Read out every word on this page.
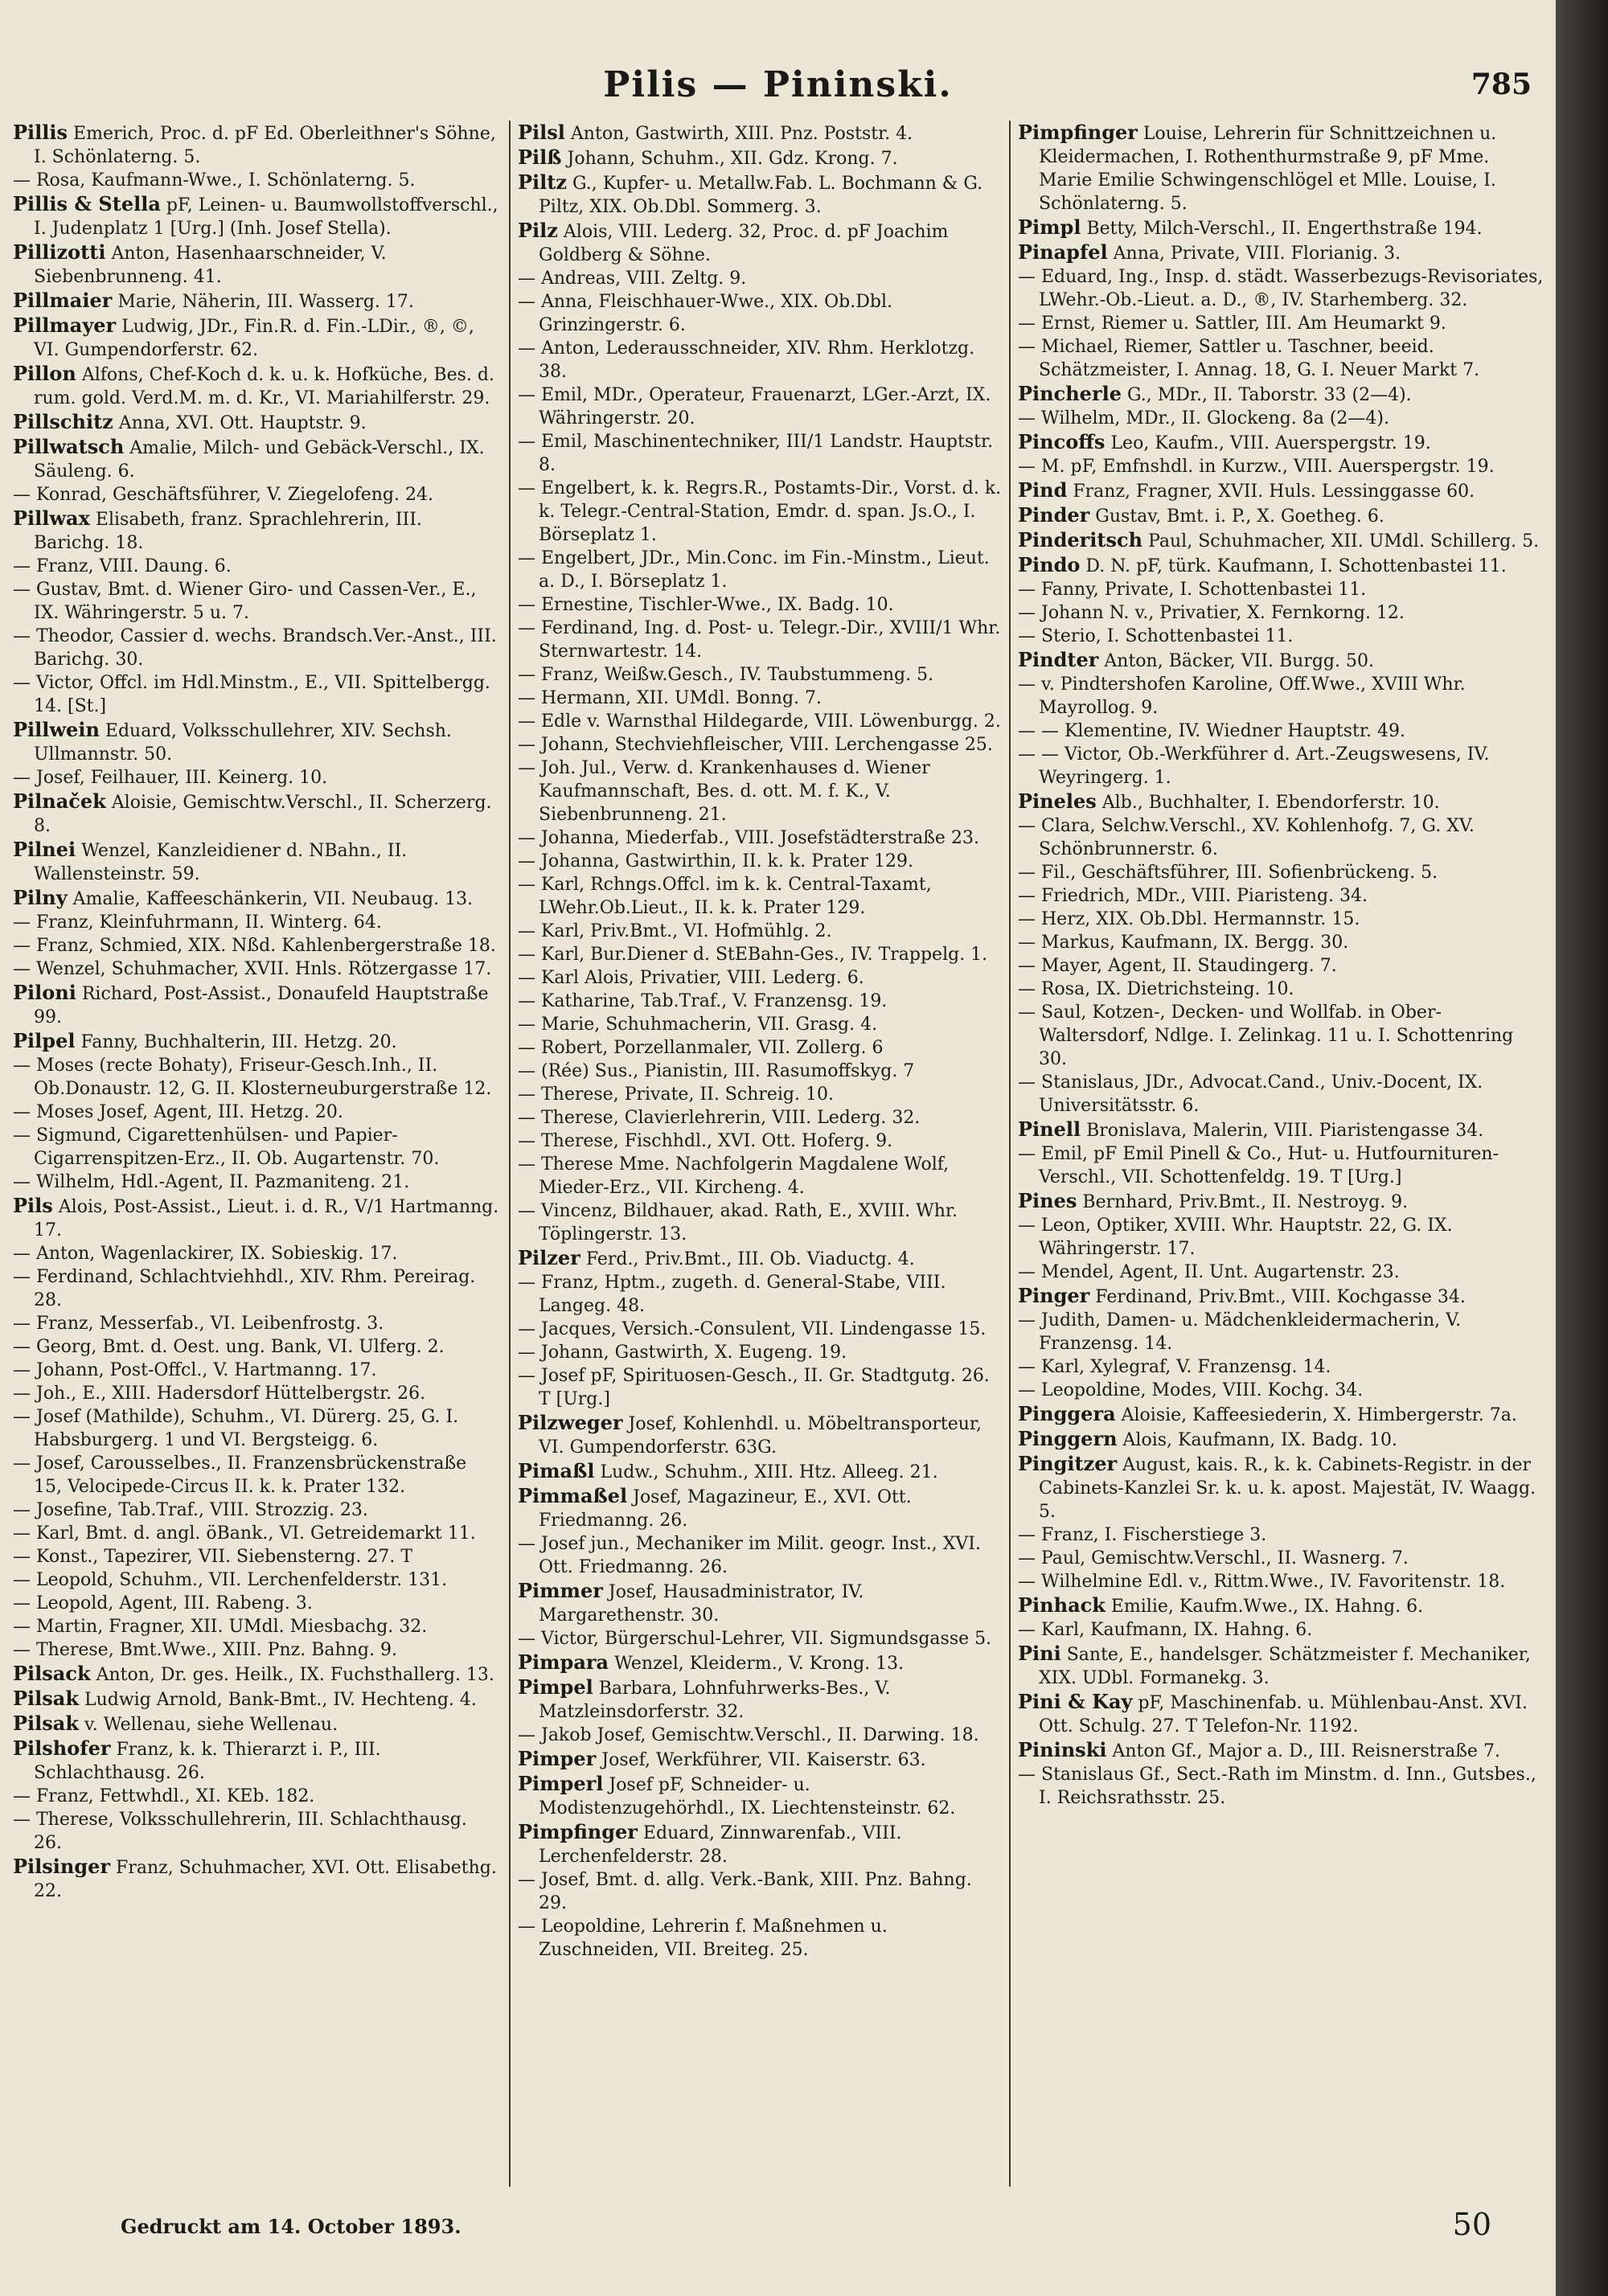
Pilis — Pininski.	785

Pillis Emerich, Proc. d. pF Ed. Oberleithner's Söhne, I. Schönlaterng. 5.

— Rosa, Kaufmann-Wwe., I. Schönlaterng. 5.

Pillis & Stella pF, Leinen- u. Baumwollstoffverschl., I. Judenplatz 1 [Urg.] (Inh. Josef Stella).

Pillizotti Anton, Hasenhaarschneider, V. Siebenbrunneng. 41.

Pillmaier Marie, Näherin, III. Wasserg. 17.

Pillmayer Ludwig, JDr., Fin.R. d. Fin.-LDir., ®, ©, VI. Gumpendorferstr. 62.

Pillon Alfons, Chef-Koch d. k. u. k. Hofküche, Bes. d. rum. gold. Verd.M. m. d. Kr., VI. Mariahilferstr. 29.

Pillschitz Anna, XVI. Ott. Hauptstr. 9.

Pillwatsch Amalie, Milch- und Gebäck-Verschl., IX. Säuleng. 6.

— Konrad, Geschäftsführer, V. Ziegelofeng. 24.

Pillwax Elisabeth, franz. Sprachlehrerin, III. Barichg. 18.

— Franz, VIII. Daung. 6.

— Gustav, Bmt. d. Wiener Giro- und Cassen-Ver., E., IX. Währingerstr. 5 u. 7.

— Theodor, Cassier d. wechs. Brandsch.Ver.-Anst., III. Barichg. 30.

— Victor, Offcl. im Hdl.Minstm., E., VII. Spittelbergg. 14. [St.]

Pillwein Eduard, Volksschullehrer, XIV. Sechsh. Ullmannstr. 50.

— Josef, Feilhauer, III. Keinerg. 10.

Pilnaček Aloisie, Gemischtw.Verschl., II. Scherzerg. 8.

Pilnei Wenzel, Kanzleidiener d. NBahn., II. Wallensteinstr. 59.

Pilny Amalie, Kaffeeschänkerin, VII. Neubaug. 13.

— Franz, Kleinfuhrmann, II. Winterg. 64.

— Franz, Schmied, XIX. Nßd. Kahlenbergerstraße 18.

— Wenzel, Schuhmacher, XVII. Hnls. Rötzergasse 17.

Piloni Richard, Post-Assist., Donaufeld Hauptstraße 99.

Pilpel Fanny, Buchhalterin, III. Hetzg. 20.

— Moses (recte Bohaty), Friseur-Gesch.Inh., II. Ob.Donaustr. 12, G. II. Klosterneuburgerstraße 12.

— Moses Josef, Agent, III. Hetzg. 20.

— Sigmund, Cigarettenhülsen- und Papier-Cigarrenspitzen-Erz., II. Ob. Augartenstr. 70.

— Wilhelm, Hdl.-Agent, II. Pazmaniteng. 21.

Pils Alois, Post-Assist., Lieut. i. d. R., V/1 Hartmanng. 17.

— Anton, Wagenlackirer, IX. Sobieskig. 17.

— Ferdinand, Schlachtviehhdl., XIV. Rhm. Pereirag. 28.

— Franz, Messerfab., VI. Leibenfrostg. 3.

— Georg, Bmt. d. Oest. ung. Bank, VI. Ulferg. 2.

— Johann, Post-Offcl., V. Hartmanng. 17.

— Joh., E., XIII. Hadersdorf Hüttelbergstr. 26.

— Josef (Mathilde), Schuhm., VI. Dürerg. 25, G. I. Habsburgerg. 1 und VI. Bergsteigg. 6.

— Josef, Carousselbes., II. Franzensbrückenstraße 15, Velocipede-Circus II. k. k. Prater 132.

— Josefine, Tab.Traf., VIII. Strozzig. 23.

— Karl, Bmt. d. angl. öBank., VI. Getreidemarkt 11.

— Konst., Tapezirer, VII. Siebensterng. 27. T

— Leopold, Schuhm., VII. Lerchenfelderstr. 131.

— Leopold, Agent, III. Rabeng. 3.

— Martin, Fragner, XII. UMdl. Miesbachg. 32.

— Therese, Bmt.Wwe., XIII. Pnz. Bahng. 9.

Pilsack Anton, Dr. ges. Heilk., IX. Fuchsthallerg. 13.

Pilsak Ludwig Arnold, Bank-Bmt., IV. Hechteng. 4.

Pilsak v. Wellenau, siehe Wellenau.

Pilshofer Franz, k. k. Thierarzt i. P., III. Schlachthausg. 26.

— Franz, Fettwhdl., XI. KEb. 182.

— Therese, Volksschullehrerin, III. Schlachthausg. 26.

Pilsinger Franz, Schuhmacher, XVI. Ott. Elisabethg. 22.

Pilsl Anton, Gastwirth, XIII. Pnz. Poststr. 4.

Pilß Johann, Schuhm., XII. Gdz. Krong. 7.

Piltz G., Kupfer- u. Metallw.Fab. L. Bochmann & G. Piltz, XIX. Ob.Dbl. Sommerg. 3.

Pilz Alois, VIII. Lederg. 32, Proc. d. pF Joachim Goldberg & Söhne.

— Andreas, VIII. Zeltg. 9.

— Anna, Fleischhauer-Wwe., XIX. Ob.Dbl. Grinzingerstr. 6.

— Anton, Lederausschneider, XIV. Rhm. Herklotzg. 38.

— Emil, MDr., Operateur, Frauenarzt, LGer.-Arzt, IX. Währingerstr. 20.

— Emil, Maschinentechniker, III/1 Landstr. Hauptstr. 8.

— Engelbert, k. k. Regrs.R., Postamts-Dir., Vorst. d. k. k. Telegr.-Central-Station, Emdr. d. span. Js.O., I. Börseplatz 1.

— Engelbert, JDr., Min.Conc. im Fin.-Minstm., Lieut. a. D., I. Börseplatz 1.

— Ernestine, Tischler-Wwe., IX. Badg. 10.

— Ferdinand, Ing. d. Post- u. Telegr.-Dir., XVIII/1 Whr. Sternwartestr. 14.

— Franz, Weißw.Gesch., IV. Taubstummeng. 5.

— Hermann, XII. UMdl. Bonng. 7.

— Edle v. Warnsthal Hildegarde, VIII. Löwenburgg. 2.

— Johann, Stechviehfleischer, VIII. Lerchengasse 25.

— Joh. Jul., Verw. d. Krankenhauses d. Wiener Kaufmannschaft, Bes. d. ott. M. f. K., V. Siebenbrunneng. 21.

— Johanna, Miederfab., VIII. Josefstädterstraße 23.

— Johanna, Gastwirthin, II. k. k. Prater 129.

— Karl, Rchngs.Offcl. im k. k. Central-Taxamt, LWehr.Ob.Lieut., II. k. k. Prater 129.

— Karl, Priv.Bmt., VI. Hofmühlg. 2.

— Karl, Bur.Diener d. StEBahn-Ges., IV. Trappelg. 1.

— Karl Alois, Privatier, VIII. Lederg. 6.

— Katharine, Tab.Traf., V. Franzensg. 19.

— Marie, Schuhmacherin, VII. Grasg. 4.

— Robert, Porzellanmaler, VII. Zollerg. 6

— (Rée) Sus., Pianistin, III. Rasumoffskyg. 7

— Therese, Private, II. Schreig. 10.

— Therese, Clavierlehrerin, VIII. Lederg. 32.

— Therese, Fischhdl., XVI. Ott. Hoferg. 9.

— Therese Mme. Nachfolgerin Magdalene Wolf, Mieder-Erz., VII. Kircheng. 4.

— Vincenz, Bildhauer, akad. Rath, E., XVIII. Whr. Töplingerstr. 13.

Pilzer Ferd., Priv.Bmt., III. Ob. Viaductg. 4.

— Franz, Hptm., zugeth. d. General-Stabe, VIII. Langeg. 48.

— Jacques, Versich.-Consulent, VII. Lindengasse 15.

— Johann, Gastwirth, X. Eugeng. 19.

— Josef pF, Spirituosen-Gesch., II. Gr. Stadtgutg. 26. T [Urg.]

Pilzweger Josef, Kohlenhdl. u. Möbeltransporteur, VI. Gumpendorferstr. 63G.

Pimaßl Ludw., Schuhm., XIII. Htz. Alleeg. 21.

Pimmaßel Josef, Magazineur, E., XVI. Ott. Friedmanng. 26.

— Josef jun., Mechaniker im Milit. geogr. Inst., XVI. Ott. Friedmanng. 26.

Pimmer Josef, Hausadministrator, IV. Margarethenstr. 30.

— Victor, Bürgerschul-Lehrer, VII. Sigmundsgasse 5.

Pimpara Wenzel, Kleiderm., V. Krong. 13.

Pimpel Barbara, Lohnfuhrwerks-Bes., V. Matzleinsdorferstr. 32.

— Jakob Josef, Gemischtw.Verschl., II. Darwing. 18.

Pimper Josef, Werkführer, VII. Kaiserstr. 63.

Pimperl Josef pF, Schneider- u. Modistenzugehörhdl., IX. Liechtensteinstr. 62.

Pimpfinger Eduard, Zinnwarenfab., VIII. Lerchenfelderstr. 28.

— Josef, Bmt. d. allg. Verk.-Bank, XIII. Pnz. Bahng. 29.

— Leopoldine, Lehrerin f. Maßnehmen u. Zuschneiden, VII. Breiteg. 25.

Pimpfinger Louise, Lehrerin für Schnittzeichnen u. Kleidermachen, I. Rothenthurmstraße 9, pF Mme. Marie Emilie Schwingenschlögel et Mlle. Louise, I. Schönlaterng. 5.

Pimpl Betty, Milch-Verschl., II. Engerthstraße 194.

Pinapfel Anna, Private, VIII. Florianig. 3.

— Eduard, Ing., Insp. d. städt. Wasserbezugs-Revisoriates, LWehr.-Ob.-Lieut. a. D., ®, IV. Starhemberg. 32.

— Ernst, Riemer u. Sattler, III. Am Heumarkt 9.

— Michael, Riemer, Sattler u. Taschner, beeid. Schätzmeister, I. Annag. 18, G. I. Neuer Markt 7.

Pincherle G., MDr., II. Taborstr. 33 (2—4).

— Wilhelm, MDr., II. Glockeng. 8a (2—4).

Pincoffs Leo, Kaufm., VIII. Auerspergstr. 19.

— M. pF, Emfnshdl. in Kurzw., VIII. Auerspergstr. 19.

Pind Franz, Fragner, XVII. Huls. Lessinggasse 60.

Pinder Gustav, Bmt. i. P., X. Goetheg. 6.

Pinderitsch Paul, Schuhmacher, XII. UMdl. Schillerg. 5.

Pindo D. N. pF, türk. Kaufmann, I. Schottenbastei 11.

— Fanny, Private, I. Schottenbastei 11.

— Johann N. v., Privatier, X. Fernkorng. 12.

— Sterio, I. Schottenbastei 11.

Pindter Anton, Bäcker, VII. Burgg. 50.

— v. Pindtershofen Karoline, Off.Wwe., XVIII Whr. Mayrollog. 9.

— — Klementine, IV. Wiedner Hauptstr. 49.

— — Victor, Ob.-Werkführer d. Art.-Zeugswesens, IV. Weyringerg. 1.

Pineles Alb., Buchhalter, I. Ebendorferstr. 10.

— Clara, Selchw.Verschl., XV. Kohlenhofg. 7, G. XV. Schönbrunnerstr. 6.

— Fil., Geschäftsführer, III. Sofienbrückeng. 5.

— Friedrich, MDr., VIII. Piaristeng. 34.

— Herz, XIX. Ob.Dbl. Hermannstr. 15.

— Markus, Kaufmann, IX. Bergg. 30.

— Mayer, Agent, II. Staudingerg. 7.

— Rosa, IX. Dietrichsteing. 10.

— Saul, Kotzen-, Decken- und Wollfab. in Ober-Waltersdorf, Ndlge. I. Zelinkag. 11 u. I. Schottenring 30.

— Stanislaus, JDr., Advocat.Cand., Univ.-Docent, IX. Universitätsstr. 6.

Pinell Bronislava, Malerin, VIII. Piaristengasse 34.

— Emil, pF Emil Pinell & Co., Hut- u. Hutfournituren-Verschl., VII. Schottenfeldg. 19. T [Urg.]

Pines Bernhard, Priv.Bmt., II. Nestroyg. 9.

— Leon, Optiker, XVIII. Whr. Hauptstr. 22, G. IX. Währingerstr. 17.

— Mendel, Agent, II. Unt. Augartenstr. 23.

Pinger Ferdinand, Priv.Bmt., VIII. Kochgasse 34.

— Judith, Damen- u. Mädchenkleidermacherin, V. Franzensg. 14.

— Karl, Xylegraf, V. Franzensg. 14.

— Leopoldine, Modes, VIII. Kochg. 34.

Pinggera Aloisie, Kaffeesiederin, X. Himbergerstr. 7a.

Pinggern Alois, Kaufmann, IX. Badg. 10.

Pingitzer August, kais. R., k. k. Cabinets-Registr. in der Cabinets-Kanzlei Sr. k. u. k. apost. Majestät, IV. Waagg. 5.

— Franz, I. Fischerstiege 3.

— Paul, Gemischtw.Verschl., II. Wasnerg. 7.

— Wilhelmine Edl. v., Rittm.Wwe., IV. Favoritenstr. 18.

Pinhack Emilie, Kaufm.Wwe., IX. Hahng. 6.

— Karl, Kaufmann, IX. Hahng. 6.

Pini Sante, E., handelsger. Schätzmeister f. Mechaniker, XIX. UDbl. Formanekg. 3.

Pini & Kay pF, Maschinenfab. u. Mühlenbau-Anst. XVI. Ott. Schulg. 27. T Telefon-Nr. 1192.

Pininski Anton Gf., Major a. D., III. Reisnerstraße 7.

— Stanislaus Gf., Sect.-Rath im Minstm. d. Inn., Gutsbes., I. Reichsrathsstr. 25.

Gedruckt am 14. October 1893.	50
